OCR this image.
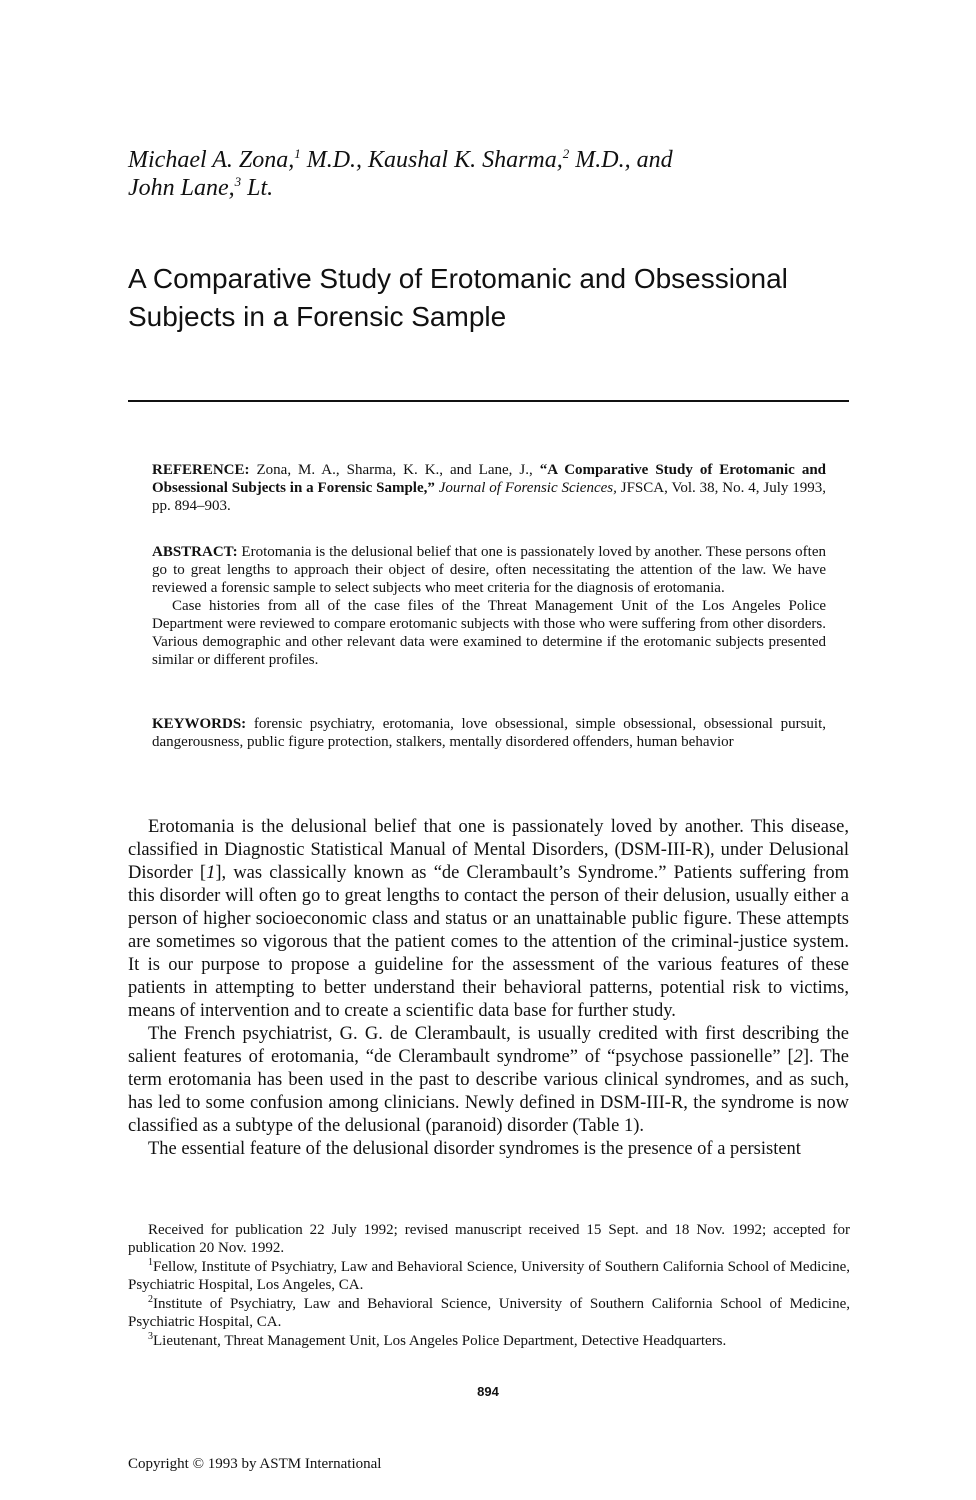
Michael A. Zona,$^1$ M.D., Kaushal K. Sharma,$^2$ M.D., and
John Lane,$^3$ Lt.
A Comparative Study of Erotomanic and Obsessional
Subjects in a Forensic Sample

REFERENCE: Zona, M. A., Sharma, K. K., and Lane, J., “A Comparative Study of Erotomanic and Obsessional Subjects in a Forensic Sample,” Journal of Forensic Sciences, JFSCA, Vol. 38, No. 4, July 1993, pp. 894–903.

ABSTRACT: Erotomania is the delusional belief that one is passionately loved by another. These persons often go to great lengths to approach their object of desire, often necessitating the attention of the law. We have reviewed a forensic sample to select subjects who meet criteria for the diagnosis of erotomania.

Case histories from all of the case files of the Threat Management Unit of the Los Angeles Police Department were reviewed to compare erotomanic subjects with those who were suffering from other disorders. Various demographic and other relevant data were examined to determine if the erotomanic subjects presented similar or different profiles.

KEYWORDS: forensic psychiatry, erotomania, love obsessional, simple obsessional, obsessional pursuit, dangerousness, public figure protection, stalkers, mentally disordered offenders, human behavior

Erotomania is the delusional belief that one is passionately loved by another. This disease, classified in Diagnostic Statistical Manual of Mental Disorders, (DSM-III-R), under Delusional Disorder [1], was classically known as “de Clerambault’s Syndrome.” Patients suffering from this disorder will often go to great lengths to contact the person of their delusion, usually either a person of higher socioeconomic class and status or an unattainable public figure. These attempts are sometimes so vigorous that the patient comes to the attention of the criminal-justice system. It is our purpose to propose a guideline for the assessment of the various features of these patients in attempting to better understand their behavioral patterns, potential risk to victims, means of intervention and to create a scientific data base for further study.

The French psychiatrist, G. G. de Clerambault, is usually credited with first describing the salient features of erotomania, “de Clerambault syndrome” of “psychose passionelle” [2]. The term erotomania has been used in the past to describe various clinical syndromes, and as such, has led to some confusion among clinicians. Newly defined in DSM-III-R, the syndrome is now classified as a subtype of the delusional (paranoid) disorder (Table 1).

The essential feature of the delusional disorder syndromes is the presence of a persistent

Received for publication 22 July 1992; revised manuscript received 15 Sept. and 18 Nov. 1992; accepted for publication 20 Nov. 1992.

$^1$Fellow, Institute of Psychiatry, Law and Behavioral Science, University of Southern California School of Medicine, Psychiatric Hospital, Los Angeles, CA.

$^2$Institute of Psychiatry, Law and Behavioral Science, University of Southern California School of Medicine, Psychiatric Hospital, CA.

$^3$Lieutenant, Threat Management Unit, Los Angeles Police Department, Detective Headquarters.

894
Copyright © 1993 by ASTM International
